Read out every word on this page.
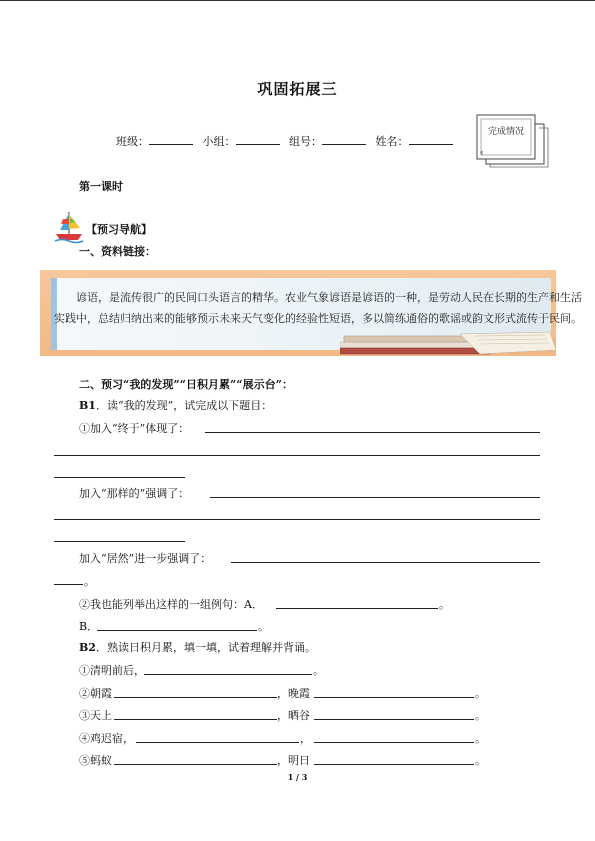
巩固拓展三
班级：	小组：	组号：	姓名：
完成情况
第一课时
【预习导航】
一、资料链接：
谚语，是流传很广的民间口头语言的精华。农业气象谚语是谚语的一种，是劳动人民在长期的生产和生活实践中，总结归纳出来的能够预示未来天气变化的经验性短语，多以简练通俗的歌谣或韵文形式流传于民间。
二、预习“我的发现”“日积月累”“展示台”：
B1．读“我的发现”，试完成以下题目：
①加入“终于”体现了：
加入“那样的”强调了：
加入“居然”进一步强调了：
。
②我也能列举出这样的一组例句：A．	。
B．	。
B2．熟读日积月累，填一填，试着理解并背诵。
①清明前后，	。
②朝霞	，晚霞	。
③天上	，晒谷	。
④鸡迟宿，	，	。
⑤蚂蚁	，明日	。
1 / 3
